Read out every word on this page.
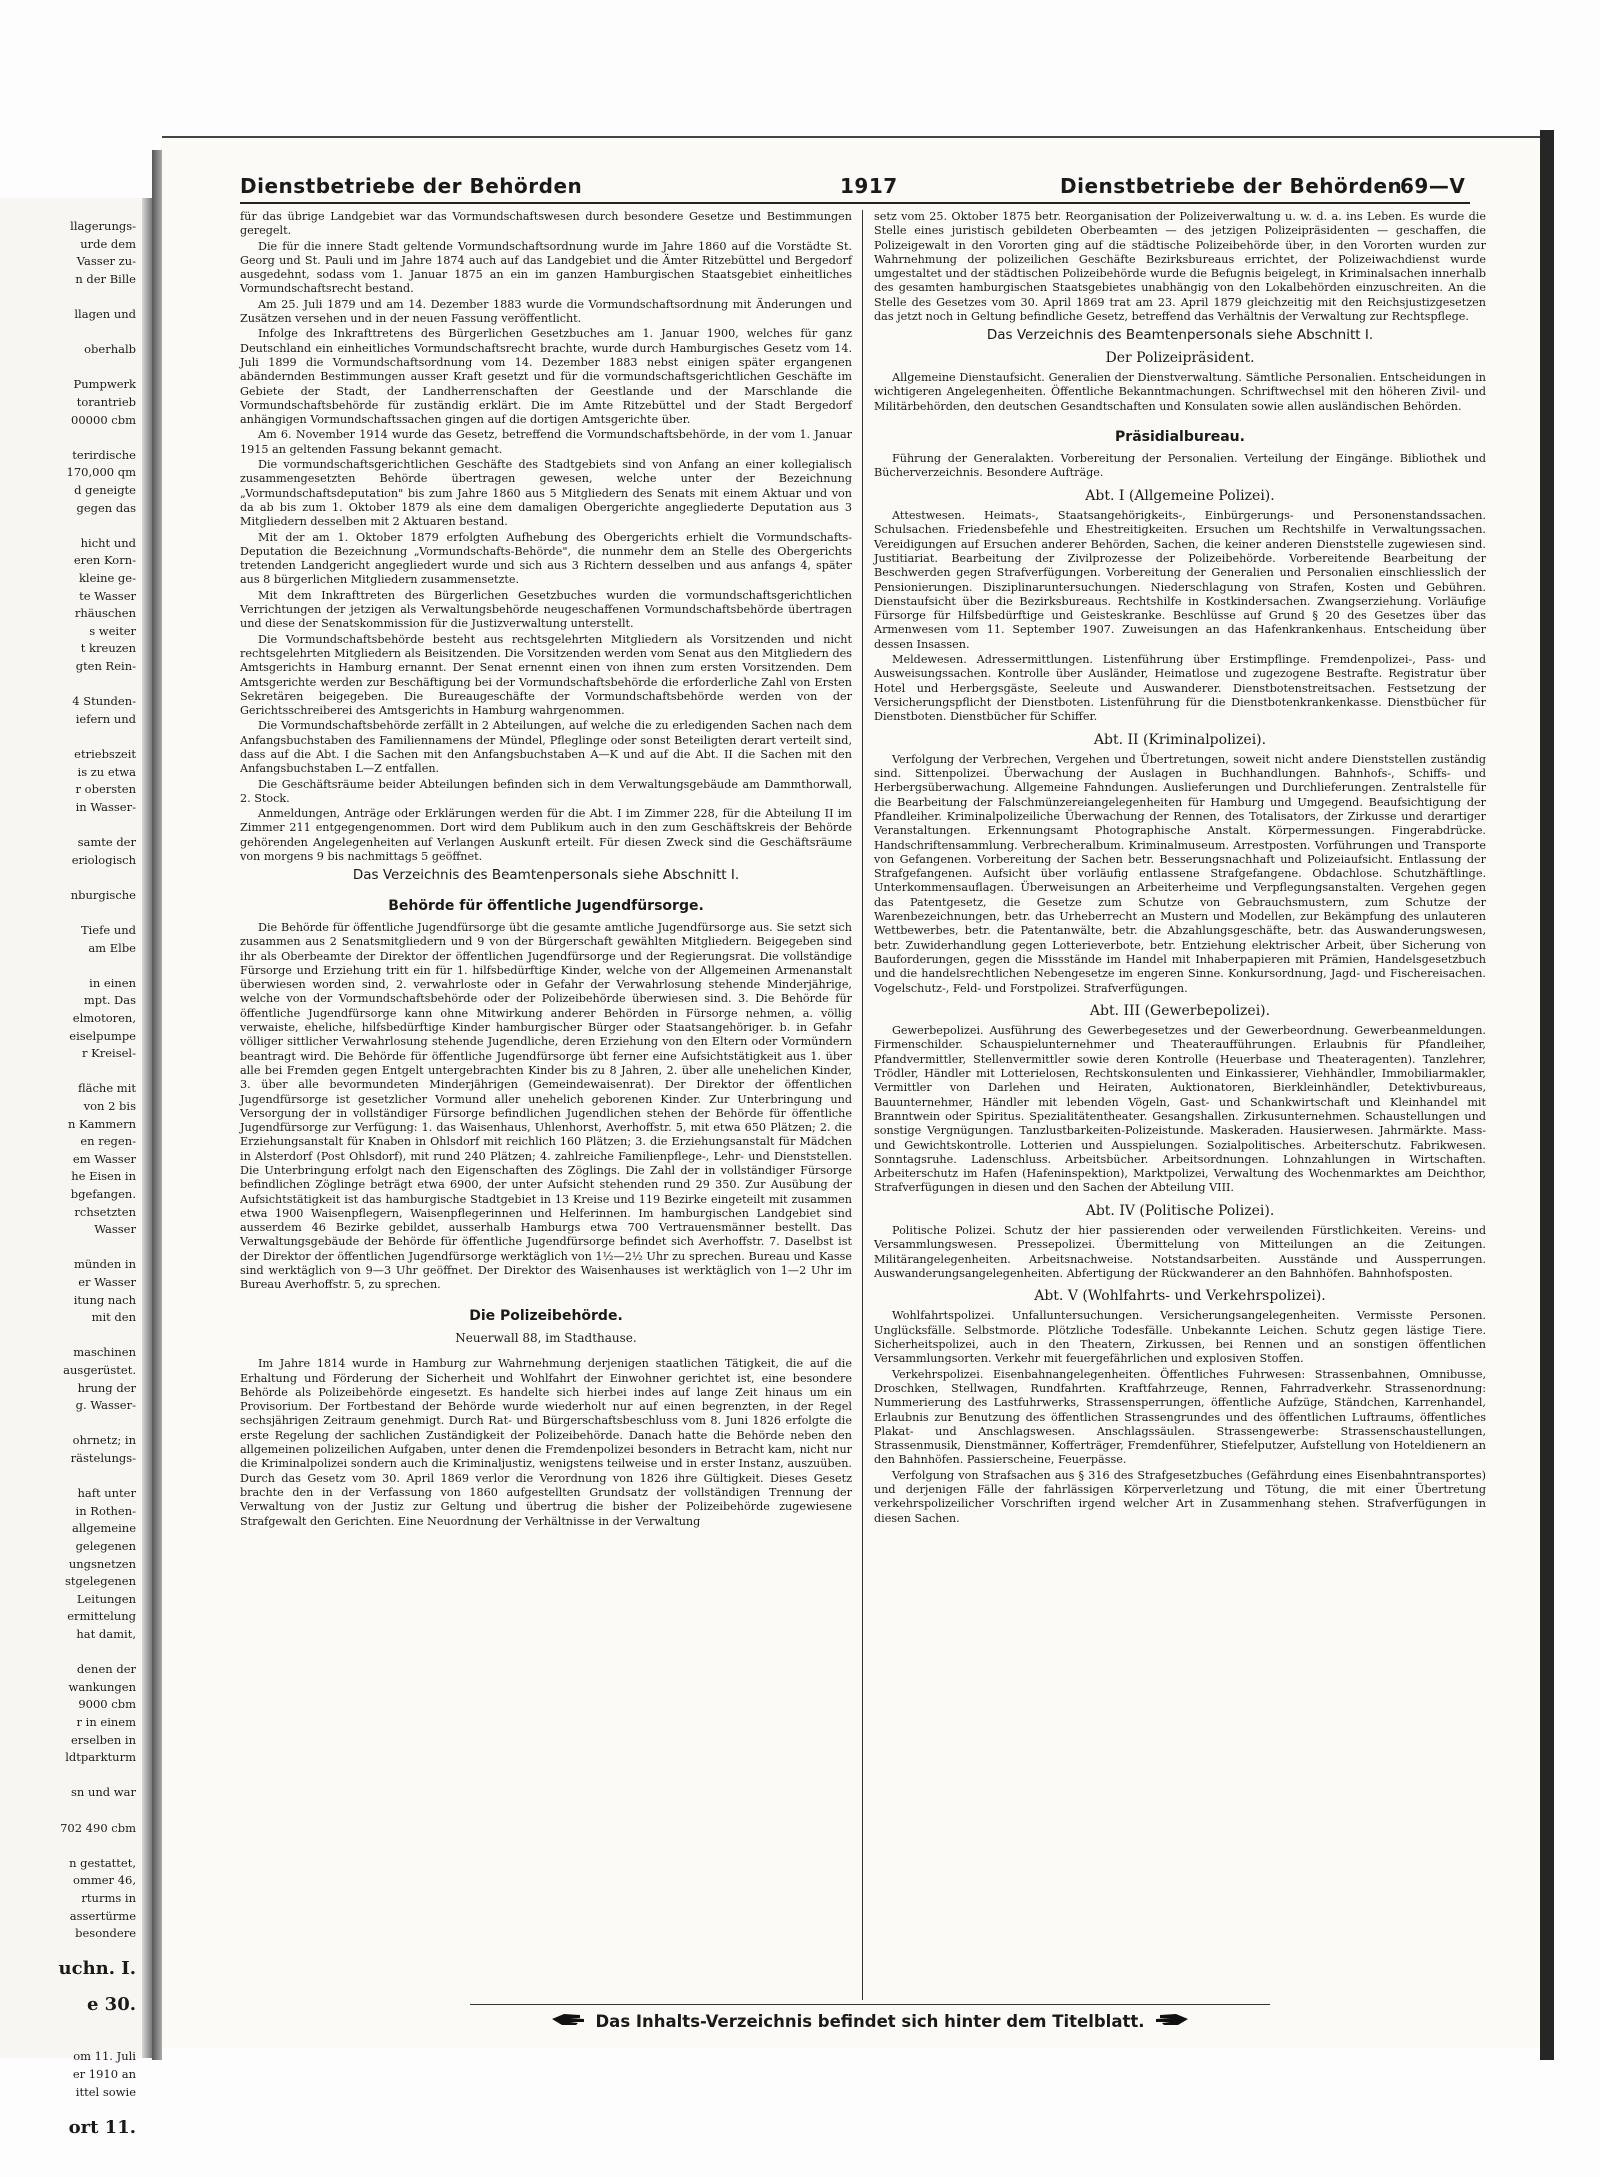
llagerungs-

urde dem

Vasser zu-

n der Bille

llagen und

oberhalb

Pumpwerk

torantrieb

00000 cbm

terirdische

170,000 qm

d geneigte

gegen das

hicht und

eren Korn-

kleine ge-

te Wasser

rhäuschen

s weiter

t kreuzen

gten Rein-

4 Stunden-

iefern und

etriebszeit

is zu etwa

r obersten

in Wasser-

samte der

eriologisch

nburgische

Tiefe und

am Elbe

in einen

mpt. Das

elmotoren,

eiselpumpe

r Kreisel-

fläche mit

von 2 bis

n Kammern

en regen-

em Wasser

he Eisen in

bgefangen.

rchsetzten

Wasser

münden in

er Wasser

itung nach

mit den

maschinen

ausgerüstet.

hrung der

g. Wasser-

ohrnetz; in

rästelungs-

haft unter

in Rothen-

allgemeine

gelegenen

ungsnetzen

stgelegenen

Leitungen

ermittelung

hat damit,

denen der

wankungen

9000 cbm

r in einem

erselben in

ldtparkturm

sn und war

702 490 cbm

n gestattet,

ommer 46,

rturms in

assertürme

besondere

uchn. I.

e 30.

om 11. Juli

er 1910 an

ittel sowie

ort 11.

Dienstbetriebe der Behörden	1917	Dienstbetriebe der Behörden
69—V

für das übrige Landgebiet war das Vormundschaftswesen durch besondere Gesetze und Bestimmungen geregelt.

Die für die innere Stadt geltende Vormundschaftsordnung wurde im Jahre 1860 auf die Vorstädte St. Georg und St. Pauli und im Jahre 1874 auch auf das Landgebiet und die Ämter Ritzebüttel und Bergedorf ausgedehnt, sodass vom 1. Januar 1875 an ein im ganzen Hamburgischen Staatsgebiet einheitliches Vormundschaftsrecht bestand.

Am 25. Juli 1879 und am 14. Dezember 1883 wurde die Vormundschaftsordnung mit Änderungen und Zusätzen versehen und in der neuen Fassung veröffentlicht.

Infolge des Inkrafttretens des Bürgerlichen Gesetzbuches am 1. Januar 1900, welches für ganz Deutschland ein einheitliches Vormundschaftsrecht brachte, wurde durch Hamburgisches Gesetz vom 14. Juli 1899 die Vormundschaftsordnung vom 14. Dezember 1883 nebst einigen später ergangenen abändernden Bestimmungen ausser Kraft gesetzt und für die vormundschaftsgerichtlichen Geschäfte im Gebiete der Stadt, der Landherrenschaften der Geestlande und der Marschlande die Vormundschaftsbehörde für zuständig erklärt. Die im Amte Ritzebüttel und der Stadt Bergedorf anhängigen Vormundschaftssachen gingen auf die dortigen Amtsgerichte über.

Am 6. November 1914 wurde das Gesetz, betreffend die Vormundschaftsbehörde, in der vom 1. Januar 1915 an geltenden Fassung bekannt gemacht.

Die vormundschaftsgerichtlichen Geschäfte des Stadtgebiets sind von Anfang an einer kollegialisch zusammengesetzten Behörde übertragen gewesen, welche unter der Bezeichnung „Vormundschaftsdeputation" bis zum Jahre 1860 aus 5 Mitgliedern des Senats mit einem Aktuar und von da ab bis zum 1. Oktober 1879 als eine dem damaligen Obergerichte angegliederte Deputation aus 3 Mitgliedern desselben mit 2 Aktuaren bestand.

Mit der am 1. Oktober 1879 erfolgten Aufhebung des Obergerichts erhielt die Vormundschafts-Deputation die Bezeichnung „Vormundschafts-Behörde", die nunmehr dem an Stelle des Obergerichts tretenden Landgericht angegliedert wurde und sich aus 3 Richtern desselben und aus anfangs 4, später aus 8 bürgerlichen Mitgliedern zusammensetzte.

Mit dem Inkrafttreten des Bürgerlichen Gesetzbuches wurden die vormundschaftsgerichtlichen Verrichtungen der jetzigen als Verwaltungsbehörde neugeschaffenen Vormundschaftsbehörde übertragen und diese der Senatskommission für die Justizverwaltung unterstellt.

Die Vormundschaftsbehörde besteht aus rechtsgelehrten Mitgliedern als Vorsitzenden und nicht rechtsgelehrten Mitgliedern als Beisitzenden. Die Vorsitzenden werden vom Senat aus den Mitgliedern des Amtsgerichts in Hamburg ernannt. Der Senat ernennt einen von ihnen zum ersten Vorsitzenden. Dem Amtsgerichte werden zur Beschäftigung bei der Vormundschaftsbehörde die erforderliche Zahl von Ersten Sekretären beigegeben. Die Bureaugeschäfte der Vormundschaftsbehörde werden von der Gerichtsschreiberei des Amtsgerichts in Hamburg wahrgenommen.

Die Vormundschaftsbehörde zerfällt in 2 Abteilungen, auf welche die zu erledigenden Sachen nach dem Anfangsbuchstaben des Familiennamens der Mündel, Pfleglinge oder sonst Beteiligten derart verteilt sind, dass auf die Abt. I die Sachen mit den Anfangsbuchstaben A—K und auf die Abt. II die Sachen mit den Anfangsbuchstaben L—Z entfallen.

Die Geschäftsräume beider Abteilungen befinden sich in dem Verwaltungsgebäude am Dammthorwall, 2. Stock.

Anmeldungen, Anträge oder Erklärungen werden für die Abt. I im Zimmer 228, für die Abteilung II im Zimmer 211 entgegengenommen. Dort wird dem Publikum auch in den zum Geschäftskreis der Behörde gehörenden Angelegenheiten auf Verlangen Auskunft erteilt. Für diesen Zweck sind die Geschäftsräume von morgens 9 bis nachmittags 5 geöffnet.

Das Verzeichnis des Beamtenpersonals siehe Abschnitt I.

Behörde für öffentliche Jugendfürsorge.

Die Behörde für öffentliche Jugendfürsorge übt die gesamte amtliche Jugendfürsorge aus. Sie setzt sich zusammen aus 2 Senatsmitgliedern und 9 von der Bürgerschaft gewählten Mitgliedern. Beigegeben sind ihr als Oberbeamte der Direktor der öffentlichen Jugendfürsorge und der Regierungsrat. Die vollständige Fürsorge und Erziehung tritt ein für 1. hilfsbedürftige Kinder, welche von der Allgemeinen Armenanstalt überwiesen worden sind, 2. verwahrloste oder in Gefahr der Verwahrlosung stehende Minderjährige, welche von der Vormundschaftsbehörde oder der Polizeibehörde überwiesen sind. 3. Die Behörde für öffentliche Jugendfürsorge kann ohne Mitwirkung anderer Behörden in Fürsorge nehmen, a. völlig verwaiste, eheliche, hilfsbedürftige Kinder hamburgischer Bürger oder Staatsangehöriger. b. in Gefahr völliger sittlicher Verwahrlosung stehende Jugendliche, deren Erziehung von den Eltern oder Vormündern beantragt wird. Die Behörde für öffentliche Jugendfürsorge übt ferner eine Aufsichtstätigkeit aus 1. über alle bei Fremden gegen Entgelt untergebrachten Kinder bis zu 8 Jahren, 2. über alle unehelichen Kinder, 3. über alle bevormundeten Minderjährigen (Gemeindewaisenrat). Der Direktor der öffentlichen Jugendfürsorge ist gesetzlicher Vormund aller unehelich geborenen Kinder. Zur Unterbringung und Versorgung der in vollständiger Fürsorge befindlichen Jugendlichen stehen der Behörde für öffentliche Jugendfürsorge zur Verfügung: 1. das Waisenhaus, Uhlenhorst, Averhoffstr. 5, mit etwa 650 Plätzen; 2. die Erziehungsanstalt für Knaben in Ohlsdorf mit reichlich 160 Plätzen; 3. die Erziehungsanstalt für Mädchen in Alsterdorf (Post Ohlsdorf), mit rund 240 Plätzen; 4. zahlreiche Familienpflege-, Lehr- und Dienststellen. Die Unterbringung erfolgt nach den Eigenschaften des Zöglings. Die Zahl der in vollständiger Fürsorge befindlichen Zöglinge beträgt etwa 6900, der unter Aufsicht stehenden rund 29 350. Zur Ausübung der Aufsichtstätigkeit ist das hamburgische Stadtgebiet in 13 Kreise und 119 Bezirke eingeteilt mit zusammen etwa 1900 Waisenpflegern, Waisenpflegerinnen und Helferinnen. Im hamburgischen Landgebiet sind ausserdem 46 Bezirke gebildet, ausserhalb Hamburgs etwa 700 Vertrauensmänner bestellt. Das Verwaltungsgebäude der Behörde für öffentliche Jugendfürsorge befindet sich Averhoffstr. 7. Daselbst ist der Direktor der öffentlichen Jugendfürsorge werktäglich von 1½—2½ Uhr zu sprechen. Bureau und Kasse sind werktäglich von 9—3 Uhr geöffnet. Der Direktor des Waisenhauses ist werktäglich von 1—2 Uhr im Bureau Averhoffstr. 5, zu sprechen.

Die Polizeibehörde.

Neuerwall 88, im Stadthause.

Im Jahre 1814 wurde in Hamburg zur Wahrnehmung derjenigen staatlichen Tätigkeit, die auf die Erhaltung und Förderung der Sicherheit und Wohlfahrt der Einwohner gerichtet ist, eine besondere Behörde als Polizeibehörde eingesetzt. Es handelte sich hierbei indes auf lange Zeit hinaus um ein Provisorium. Der Fortbestand der Behörde wurde wiederholt nur auf einen begrenzten, in der Regel sechsjährigen Zeitraum genehmigt. Durch Rat- und Bürgerschaftsbeschluss vom 8. Juni 1826 erfolgte die erste Regelung der sachlichen Zuständigkeit der Polizeibehörde. Danach hatte die Behörde neben den allgemeinen polizeilichen Aufgaben, unter denen die Fremdenpolizei besonders in Betracht kam, nicht nur die Kriminalpolizei sondern auch die Kriminaljustiz, wenigstens teilweise und in erster Instanz, auszuüben. Durch das Gesetz vom 30. April 1869 verlor die Verordnung von 1826 ihre Gültigkeit. Dieses Gesetz brachte den in der Verfassung von 1860 aufgestellten Grundsatz der vollständigen Trennung der Verwaltung von der Justiz zur Geltung und übertrug die bisher der Polizeibehörde zugewiesene Strafgewalt den Gerichten. Eine Neuordnung der Verhältnisse in der Verwaltung

setz vom 25. Oktober 1875 betr. Reorganisation der Polizeiverwaltung u. w. d. a. ins Leben. Es wurde die Stelle eines juristisch gebildeten Oberbeamten — des jetzigen Polizeipräsidenten — geschaffen, die Polizeigewalt in den Vororten ging auf die städtische Polizeibehörde über, in den Vororten wurden zur Wahrnehmung der polizeilichen Geschäfte Bezirksbureaus errichtet, der Polizeiwachdienst wurde umgestaltet und der städtischen Polizeibehörde wurde die Befugnis beigelegt, in Kriminalsachen innerhalb des gesamten hamburgischen Staatsgebietes unabhängig von den Lokalbehörden einzuschreiten. An die Stelle des Gesetzes vom 30. April 1869 trat am 23. April 1879 gleichzeitig mit den Reichsjustizgesetzen das jetzt noch in Geltung befindliche Gesetz, betreffend das Verhältnis der Verwaltung zur Rechtspflege.

Das Verzeichnis des Beamtenpersonals siehe Abschnitt I.

Der Polizeipräsident.

Allgemeine Dienstaufsicht. Generalien der Dienstverwaltung. Sämtliche Personalien. Entscheidungen in wichtigeren Angelegenheiten. Öffentliche Bekanntmachungen. Schriftwechsel mit den höheren Zivil- und Militärbehörden, den deutschen Gesandtschaften und Konsulaten sowie allen ausländischen Behörden.

Präsidialbureau.

Führung der Generalakten. Vorbereitung der Personalien. Verteilung der Eingänge. Bibliothek und Bücherverzeichnis. Besondere Aufträge.

Abt. I (Allgemeine Polizei).

Attestwesen. Heimats-, Staatsangehörigkeits-, Einbürgerungs- und Personenstandssachen. Schulsachen. Friedensbefehle und Ehestreitigkeiten. Ersuchen um Rechtshilfe in Verwaltungssachen. Vereidigungen auf Ersuchen anderer Behörden, Sachen, die keiner anderen Dienststelle zugewiesen sind. Justitiariat. Bearbeitung der Zivilprozesse der Polizeibehörde. Vorbereitende Bearbeitung der Beschwerden gegen Strafverfügungen. Vorbereitung der Generalien und Personalien einschliesslich der Pensionierungen. Disziplinaruntersuchungen. Niederschlagung von Strafen, Kosten und Gebühren. Dienstaufsicht über die Bezirksbureaus. Rechtshilfe in Kostkindersachen. Zwangserziehung. Vorläufige Fürsorge für Hilfsbedürftige und Geisteskranke. Beschlüsse auf Grund § 20 des Gesetzes über das Armenwesen vom 11. September 1907. Zuweisungen an das Hafenkrankenhaus. Entscheidung über dessen Insassen.

Meldewesen. Adressermittlungen. Listenführung über Erstimpflinge. Fremdenpolizei-, Pass- und Ausweisungssachen. Kontrolle über Ausländer, Heimatlose und zugezogene Bestrafte. Registratur über Hotel und Herbergsgäste, Seeleute und Auswanderer. Dienstbotenstreitsachen. Festsetzung der Versicherungspflicht der Dienstboten. Listenführung für die Dienstbotenkrankenkasse. Dienstbücher für Dienstboten. Dienstbücher für Schiffer.

Abt. II (Kriminalpolizei).

Verfolgung der Verbrechen, Vergehen und Übertretungen, soweit nicht andere Dienststellen zuständig sind. Sittenpolizei. Überwachung der Auslagen in Buchhandlungen. Bahnhofs-, Schiffs- und Herbergsüberwachung. Allgemeine Fahndungen. Auslieferungen und Durchlieferungen. Zentralstelle für die Bearbeitung der Falschmünzereiangelegenheiten für Hamburg und Umgegend. Beaufsichtigung der Pfandleiher. Kriminalpolizeiliche Überwachung der Rennen, des Totalisators, der Zirkusse und derartiger Veranstaltungen. Erkennungsamt Photographische Anstalt. Körpermessungen. Fingerabdrücke. Handschriftensammlung. Verbrecheralbum. Kriminalmuseum. Arrestposten. Vorführungen und Transporte von Gefangenen. Vorbereitung der Sachen betr. Besserungsnachhaft und Polizeiaufsicht. Entlassung der Strafgefangenen. Aufsicht über vorläufig entlassene Strafgefangene. Obdachlose. Schutzhäftlinge. Unterkommensauflagen. Überweisungen an Arbeiterheime und Verpflegungsanstalten. Vergehen gegen das Patentgesetz, die Gesetze zum Schutze von Gebrauchsmustern, zum Schutze der Warenbezeichnungen, betr. das Urheberrecht an Mustern und Modellen, zur Bekämpfung des unlauteren Wettbewerbes, betr. die Patentanwälte, betr. die Abzahlungsgeschäfte, betr. das Auswanderungswesen, betr. Zuwiderhandlung gegen Lotterieverbote, betr. Entziehung elektrischer Arbeit, über Sicherung von Bauforderungen, gegen die Missstände im Handel mit Inhaberpapieren mit Prämien, Handelsgesetzbuch und die handelsrechtlichen Nebengesetze im engeren Sinne. Konkursordnung, Jagd- und Fischereisachen. Vogelschutz-, Feld- und Forstpolizei. Strafverfügungen.

Abt. III (Gewerbepolizei).

Gewerbepolizei. Ausführung des Gewerbegesetzes und der Gewerbeordnung. Gewerbeanmeldungen. Firmenschilder. Schauspielunternehmer und Theateraufführungen. Erlaubnis für Pfandleiher, Pfandvermittler, Stellenvermittler sowie deren Kontrolle (Heuerbase und Theateragenten). Tanzlehrer, Trödler, Händler mit Lotterielosen, Rechtskonsulenten und Einkassierer, Viehhändler, Immobiliarmakler, Vermittler von Darlehen und Heiraten, Auktionatoren, Bierkleinhändler, Detektivbureaus, Bauunternehmer, Händler mit lebenden Vögeln, Gast- und Schankwirtschaft und Kleinhandel mit Branntwein oder Spiritus. Spezialitätentheater. Gesangshallen. Zirkusunternehmen. Schaustellungen und sonstige Vergnügungen. Tanzlustbarkeiten-Polizeistunde. Maskeraden. Hausierwesen. Jahrmärkte. Mass- und Gewichtskontrolle. Lotterien und Ausspielungen. Sozialpolitisches. Arbeiterschutz. Fabrikwesen. Sonntagsruhe. Ladenschluss. Arbeitsbücher. Arbeitsordnungen. Lohnzahlungen in Wirtschaften. Arbeiterschutz im Hafen (Hafeninspektion), Marktpolizei, Verwaltung des Wochenmarktes am Deichthor, Strafverfügungen in diesen und den Sachen der Abteilung VIII.

Abt. IV (Politische Polizei).

Politische Polizei. Schutz der hier passierenden oder verweilenden Fürstlichkeiten. Vereins- und Versammlungswesen. Pressepolizei. Übermittelung von Mitteilungen an die Zeitungen. Militärangelegenheiten. Arbeitsnachweise. Notstandsarbeiten. Ausstände und Aussperrungen. Auswanderungsangelegenheiten. Abfertigung der Rückwanderer an den Bahnhöfen. Bahnhofsposten.

Abt. V (Wohlfahrts- und Verkehrspolizei).

Wohlfahrtspolizei. Unfalluntersuchungen. Versicherungsangelegenheiten. Vermisste Personen. Unglücksfälle. Selbstmorde. Plötzliche Todesfälle. Unbekannte Leichen. Schutz gegen lästige Tiere. Sicherheitspolizei, auch in den Theatern, Zirkussen, bei Rennen und an sonstigen öffentlichen Versammlungsorten. Verkehr mit feuergefährlichen und explosiven Stoffen.

Verkehrspolizei. Eisenbahnangelegenheiten. Öffentliches Fuhrwesen: Strassenbahnen, Omnibusse, Droschken, Stellwagen, Rundfahrten. Kraftfahrzeuge, Rennen, Fahrradverkehr. Strassenordnung: Nummerierung des Lastfuhrwerks, Strassensperrungen, öffentliche Aufzüge, Ständchen, Karrenhandel, Erlaubnis zur Benutzung des öffentlichen Strassengrundes und des öffentlichen Luftraums, öffentliches Plakat- und Anschlagswesen. Anschlagssäulen. Strassengewerbe: Strassenschaustellungen, Strassenmusik, Dienstmänner, Kofferträger, Fremdenführer, Stiefelputzer, Aufstellung von Hoteldienern an den Bahnhöfen. Passierscheine, Feuerpässe.

Verfolgung von Strafsachen aus § 316 des Strafgesetzbuches (Gefährdung eines Eisenbahntransportes) und derjenigen Fälle der fahrlässigen Körperverletzung und Tötung, die mit einer Übertretung verkehrspolizeilicher Vorschriften irgend welcher Art in Zusammenhang stehen. Strafverfügungen in diesen Sachen.

Das Inhalts-Verzeichnis befindet sich hinter dem Titelblatt.
